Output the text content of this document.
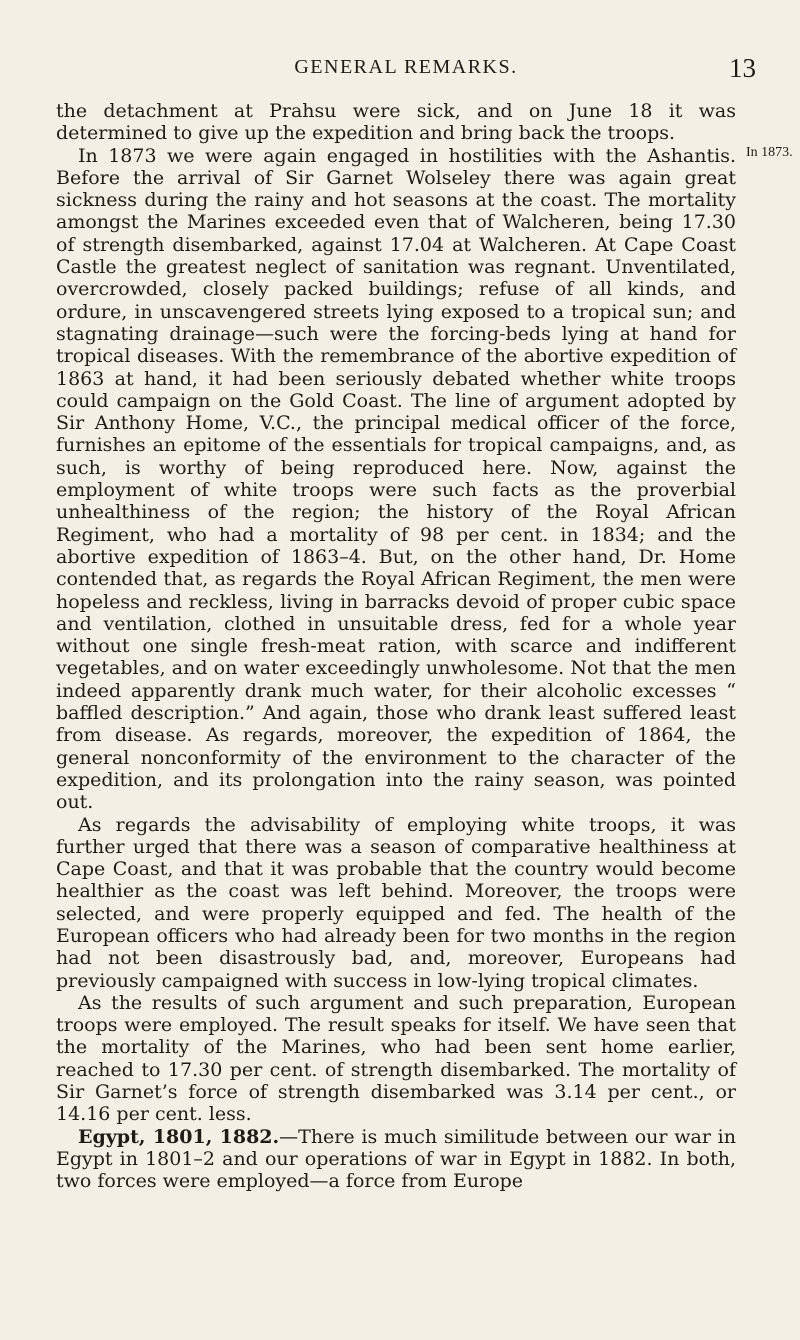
GENERAL REMARKS.	13
In 1873.

the detachment at Prahsu were sick, and on June 18 it was determined to give up the expedition and bring back the troops.

In 1873 we were again engaged in hostilities with the Ashantis. Before the arrival of Sir Garnet Wolseley there was again great sickness during the rainy and hot seasons at the coast. The mortality amongst the Marines exceeded even that of Walcheren, being 17.30 of strength disembarked, against 17.04 at Walcheren. At Cape Coast Castle the greatest neglect of sanitation was regnant. Unventilated, overcrowded, closely packed buildings; refuse of all kinds, and ordure, in unscavengered streets lying exposed to a tropical sun; and stagnating drainage—such were the forcing-beds lying at hand for tropical diseases. With the remembrance of the abortive expedition of 1863 at hand, it had been seriously debated whether white troops could campaign on the Gold Coast. The line of argument adopted by Sir Anthony Home, V.C., the principal medical officer of the force, furnishes an epitome of the essentials for tropical campaigns, and, as such, is worthy of being reproduced here. Now, against the employment of white troops were such facts as the proverbial unhealthiness of the region; the history of the Royal African Regiment, who had a mortality of 98 per cent. in 1834; and the abortive expedition of 1863–4. But, on the other hand, Dr. Home contended that, as regards the Royal African Regiment, the men were hopeless and reckless, living in barracks devoid of proper cubic space and ventilation, clothed in unsuitable dress, fed for a whole year without one single fresh-meat ration, with scarce and indifferent vegetables, and on water exceedingly unwholesome. Not that the men indeed apparently drank much water, for their alcoholic excesses “ baffled description.” And again, those who drank least suffered least from disease. As regards, moreover, the expedition of 1864, the general nonconformity of the environment to the character of the expedition, and its prolongation into the rainy season, was pointed out.

As regards the advisability of employing white troops, it was further urged that there was a season of comparative healthiness at Cape Coast, and that it was probable that the country would become healthier as the coast was left behind. Moreover, the troops were selected, and were properly equipped and fed. The health of the European officers who had already been for two months in the region had not been disastrously bad, and, moreover, Europeans had previously campaigned with success in low-lying tropical climates.

As the results of such argument and such preparation, European troops were employed. The result speaks for itself. We have seen that the mortality of the Marines, who had been sent home earlier, reached to 17.30 per cent. of strength disembarked. The mortality of Sir Garnet’s force of strength disembarked was 3.14 per cent., or 14.16 per cent. less.

Egypt, 1801, 1882.—There is much similitude between our war in Egypt in 1801–2 and our operations of war in Egypt in 1882. In both, two forces were employed—a force from Europe
